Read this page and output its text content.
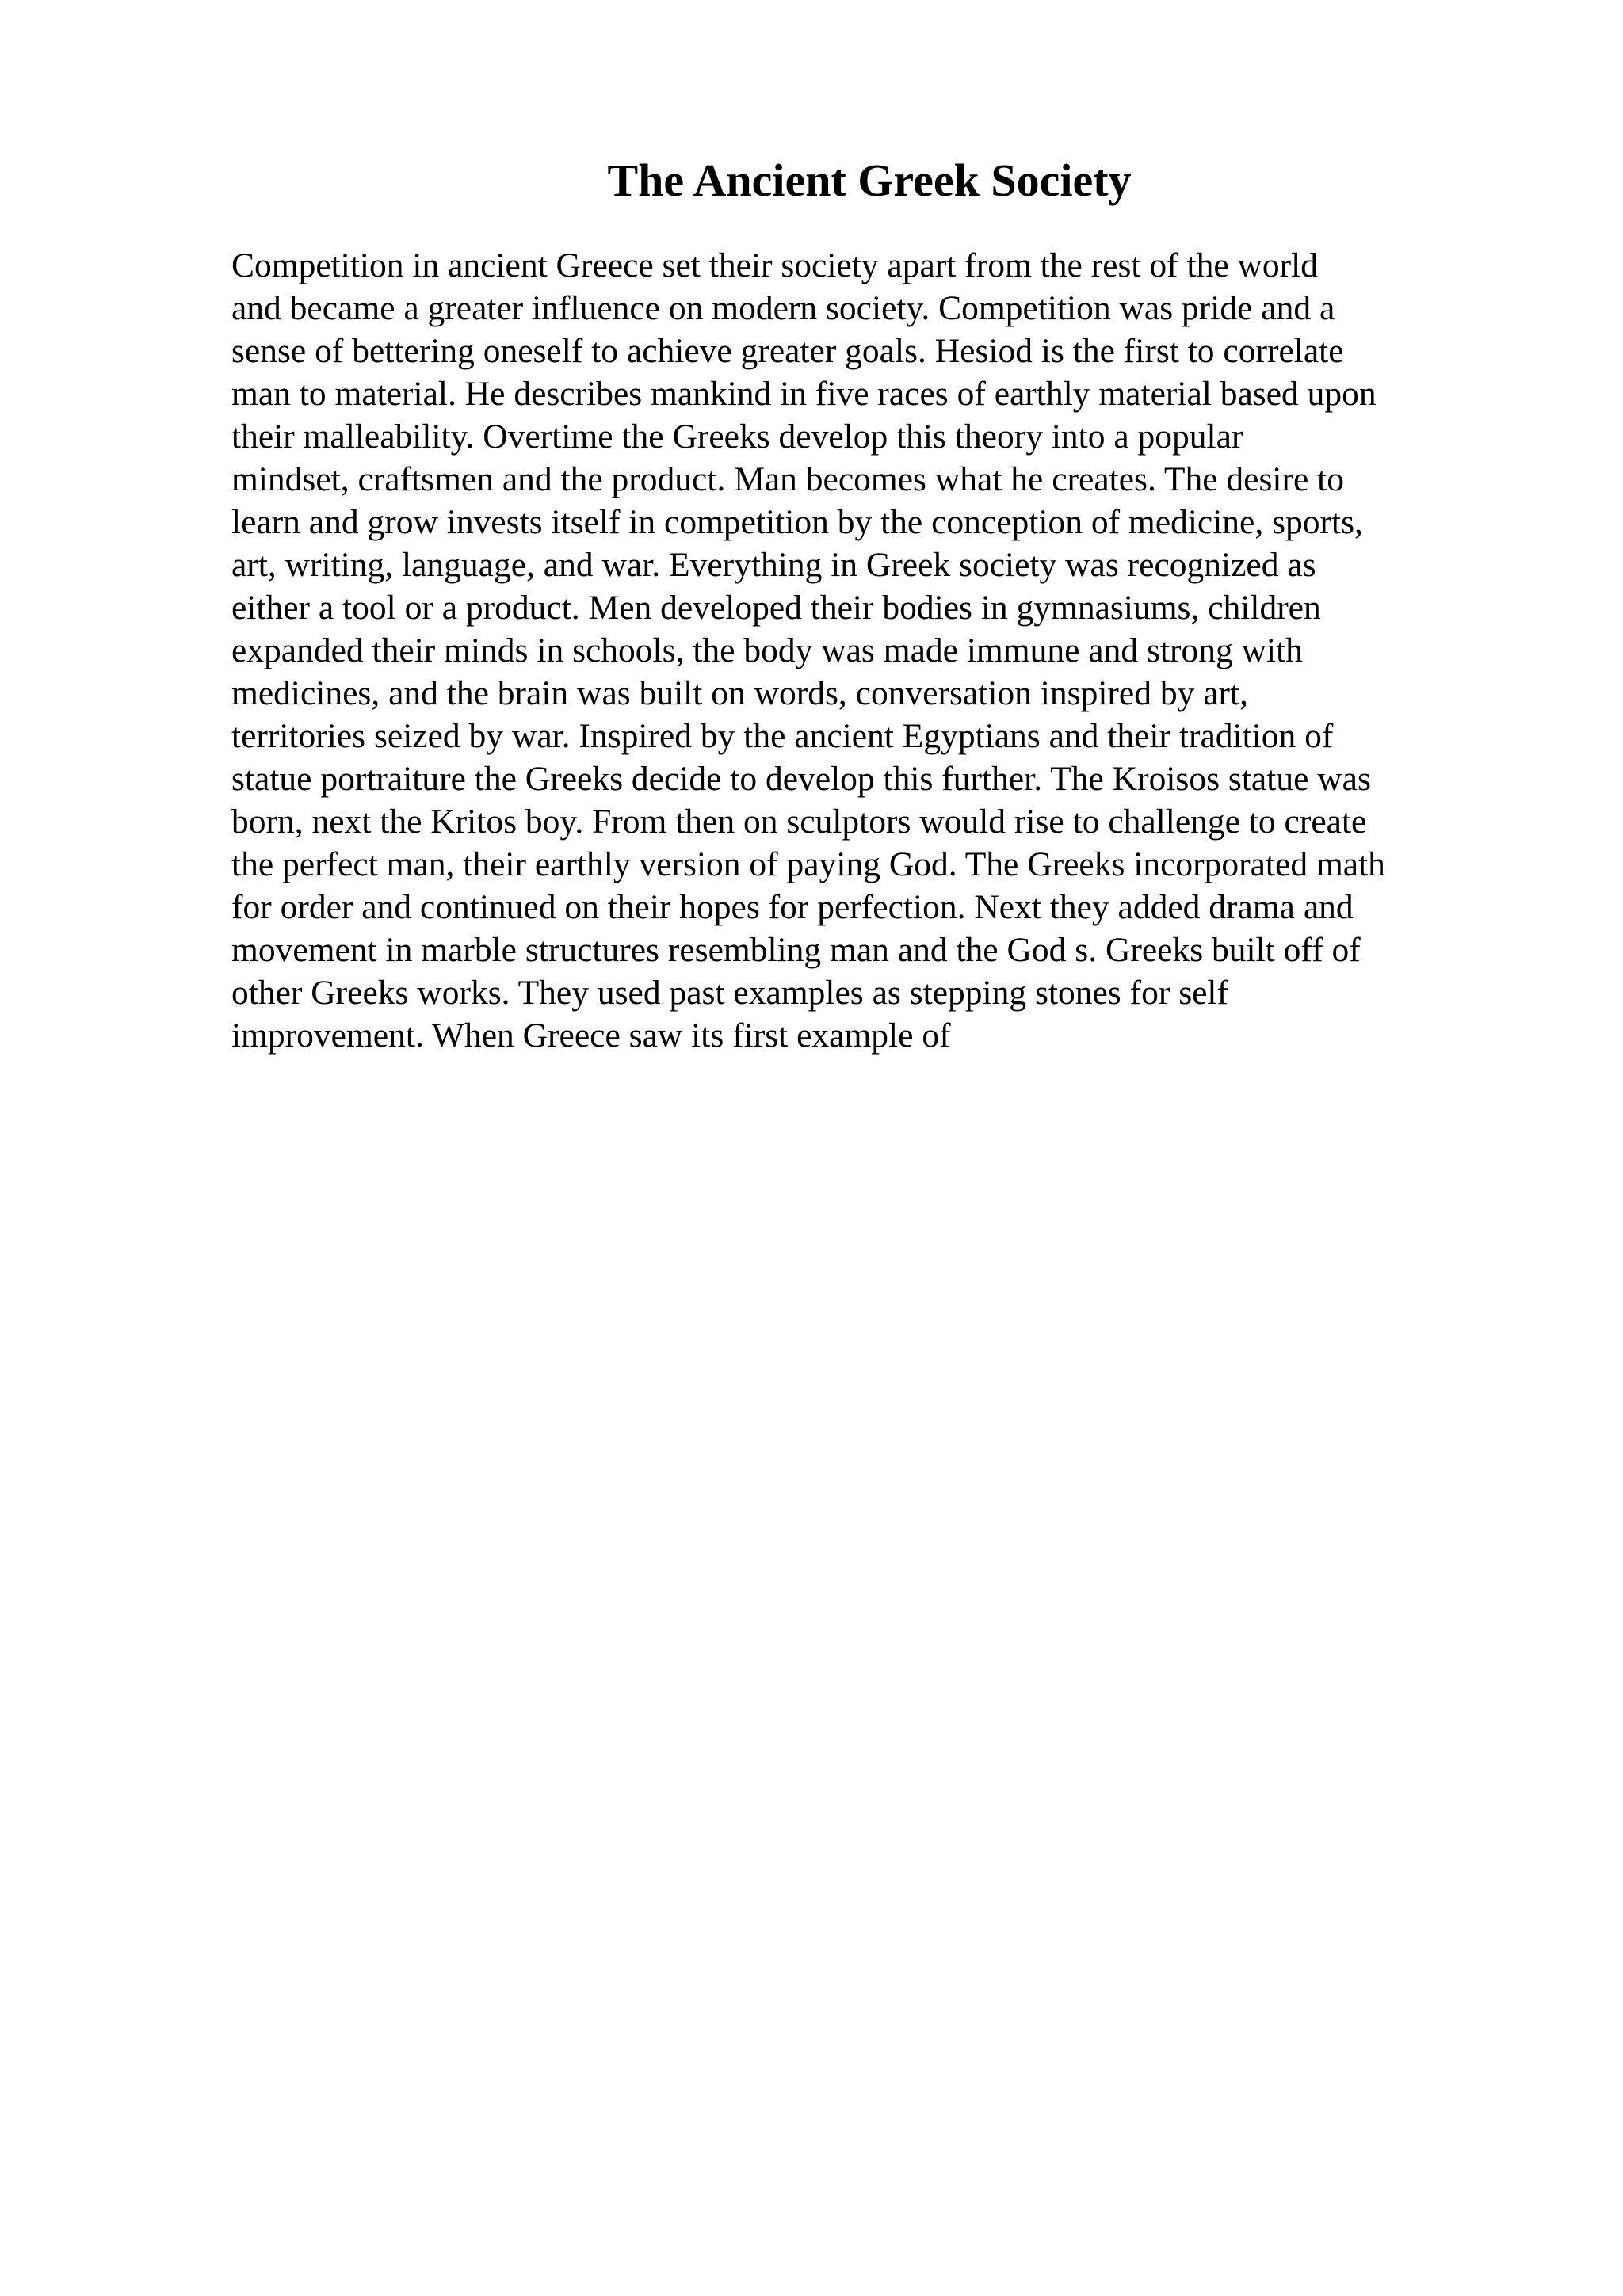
The Ancient Greek Society
Competition in ancient Greece set their society apart from the rest of the world
and became a greater influence on modern society. Competition was pride and a
sense of bettering oneself to achieve greater goals. Hesiod is the first to correlate
man to material. He describes mankind in five races of earthly material based upon
their malleability. Overtime the Greeks develop this theory into a popular
mindset, craftsmen and the product. Man becomes what he creates. The desire to
learn and grow invests itself in competition by the conception of medicine, sports,
art, writing, language, and war. Everything in Greek society was recognized as
either a tool or a product. Men developed their bodies in gymnasiums, children
expanded their minds in schools, the body was made immune and strong with
medicines, and the brain was built on words, conversation inspired by art,
territories seized by war. Inspired by the ancient Egyptians and their tradition of
statue portraiture the Greeks decide to develop this further. The Kroisos statue was
born, next the Kritos boy. From then on sculptors would rise to challenge to create
the perfect man, their earthly version of paying God. The Greeks incorporated math
for order and continued on their hopes for perfection. Next they added drama and
movement in marble structures resembling man and the God s. Greeks built off of
other Greeks works. They used past examples as stepping stones for self
improvement. When Greece saw its first example of
